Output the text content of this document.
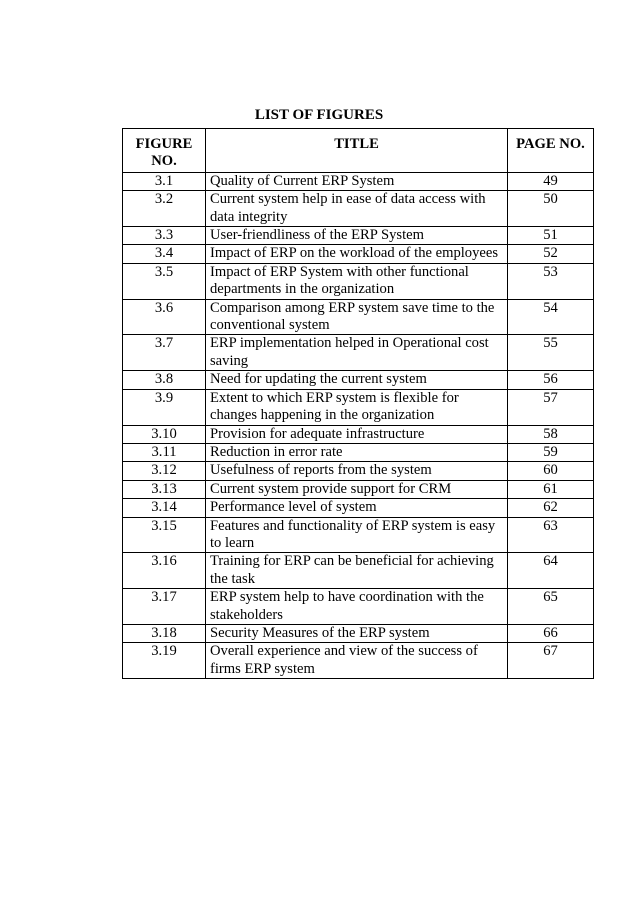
LIST OF FIGURES
FIGURE NO.	TITLE	PAGE NO.
3.1	Quality of Current ERP System	49
3.2	Current system help in ease of data access with data integrity	50
3.3	User-friendliness of the ERP System	51
3.4	Impact of ERP on the workload of the employees	52
3.5	Impact of ERP System with other functional departments in the organization	53
3.6	Comparison among ERP system save time to the conventional system	54
3.7	ERP implementation helped in Operational cost saving	55
3.8	Need for updating the current system	56
3.9	Extent to which ERP system is flexible for changes happening in the organization	57
3.10	Provision for adequate infrastructure	58
3.11	Reduction in error rate	59
3.12	Usefulness of reports from the system	60
3.13	Current system provide support for CRM	61
3.14	Performance level of system	62
3.15	Features and functionality of ERP system is easy to learn	63
3.16	Training for ERP can be beneficial for achieving the task	64
3.17	ERP system help to have coordination with the stakeholders	65
3.18	Security Measures of the ERP system	66
3.19	Overall experience and view of the success of firms ERP system	67
